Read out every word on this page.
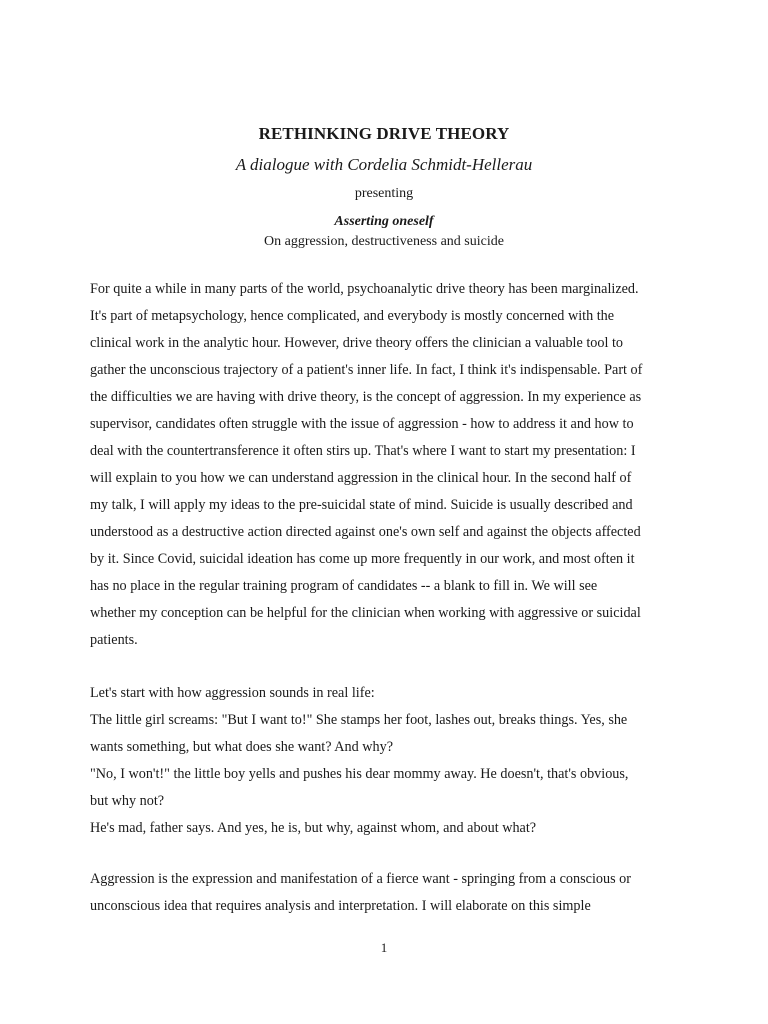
RETHINKING DRIVE THEORY
A dialogue with Cordelia Schmidt-Hellerau
presenting
Asserting oneself
On aggression, destructiveness and suicide
For quite a while in many parts of the world, psychoanalytic drive theory has been marginalized.
It's part of metapsychology, hence complicated, and everybody is mostly concerned with the
clinical work in the analytic hour. However, drive theory offers the clinician a valuable tool to
gather the unconscious trajectory of a patient's inner life. In fact, I think it's indispensable. Part of
the difficulties we are having with drive theory, is the concept of aggression. In my experience as
supervisor, candidates often struggle with the issue of aggression - how to address it and how to
deal with the countertransference it often stirs up. That's where I want to start my presentation: I
will explain to you how we can understand aggression in the clinical hour. In the second half of
my talk, I will apply my ideas to the pre-suicidal state of mind. Suicide is usually described and
understood as a destructive action directed against one's own self and against the objects affected
by it. Since Covid, suicidal ideation has come up more frequently in our work, and most often it
has no place in the regular training program of candidates -- a blank to fill in. We will see
whether my conception can be helpful for the clinician when working with aggressive or suicidal
patients.
Let's start with how aggression sounds in real life:
The little girl screams: "But I want to!" She stamps her foot, lashes out, breaks things. Yes, she
wants something, but what does she want? And why?
"No, I won't!" the little boy yells and pushes his dear mommy away. He doesn't, that's obvious,
but why not?
He's mad, father says. And yes, he is, but why, against whom, and about what?
Aggression is the expression and manifestation of a fierce want - springing from a conscious or
unconscious idea that requires analysis and interpretation. I will elaborate on this simple
1
